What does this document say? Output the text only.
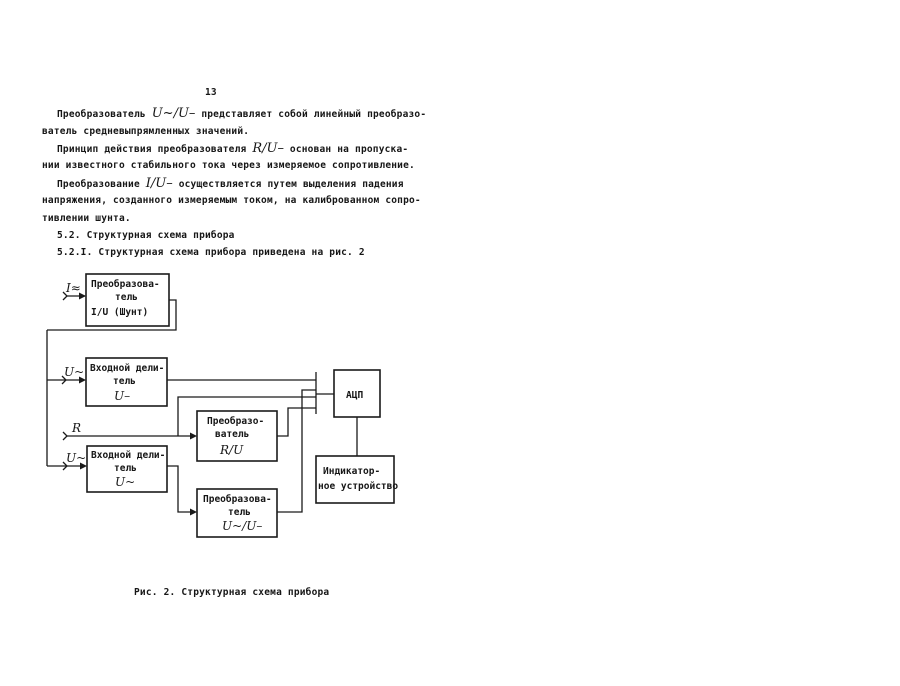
13
Преобразователь U~/U– представляет собой линейный преобразо-
ватель средневыпрямленных значений.
Принцип действия преобразователя R/U– основан на пропуска-
нии известного стабильного тока через измеряемое сопротивление.
Преобразование I/U– осуществляется путем выделения падения
напряжения, созданного измеряемым током, на калиброванном сопро-
тивлении шунта.
5.2. Структурная схема прибора
5.2.I. Структурная схема прибора приведена на рис. 2
I≈
U~
R
U~
Преобразова-
тель
I/U (Шунт)
Входной дели-
тель
U–
Входной дели-
тель
U~
Преобразо-
ватель
R/U
Преобразова-
тель
U~/U–
АЦП
Индикатор-
ное устройство
Рис. 2. Структурная схема прибора
